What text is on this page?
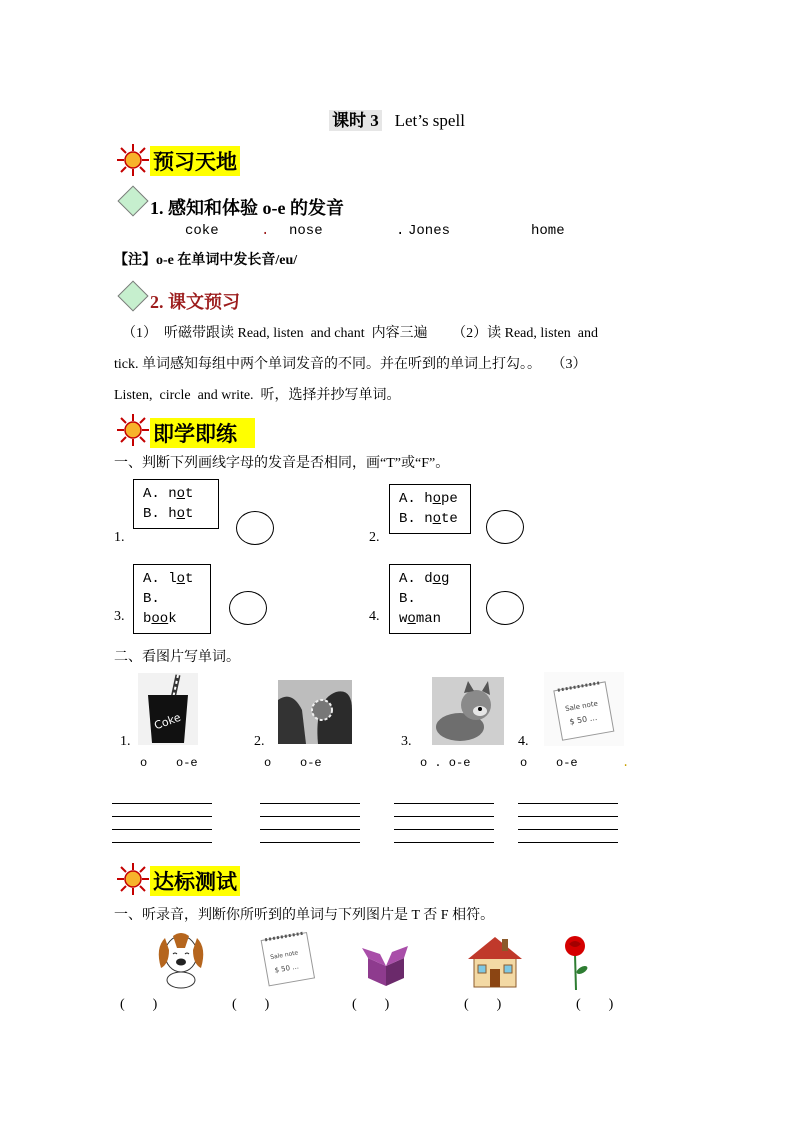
课时 3 Let’s spell
预习天地
1. 感知和体验 o-e 的发音
coke	. nose	. Jones	home
【注】o-e 在单词中发长音/eu/
2. 课文预习
（1）  听磁带跟读 Read, listen  and chant  内容三遍       （2）读 Read, listen  and
tick. 单词感知每组中两个单词发音的不同。并在听到的单词上打勾。。   （3）
Listen,  circle  and write.  听，选择并抄写单词。
即学即练
一、判断下列画线字母的发音是否相同，画“T”或“F”。
1.
A. not
B. hot
2.
A. hope
B. note
3.
A. lot
B. book	4.
A. dog
B. woman
二、看图片写单词。
Coke
Sale note
$ 50 ...
1.	2.	3.	4.
o    o-e	o    o-e	o . o-e	o    o-e	.
达标测试
一、听录音，判断你所听到的单词与下列图片是 T 否 F 相符。
Sale note
$ 50 ...
(        )	(        )	(        )	(        )	(        )
